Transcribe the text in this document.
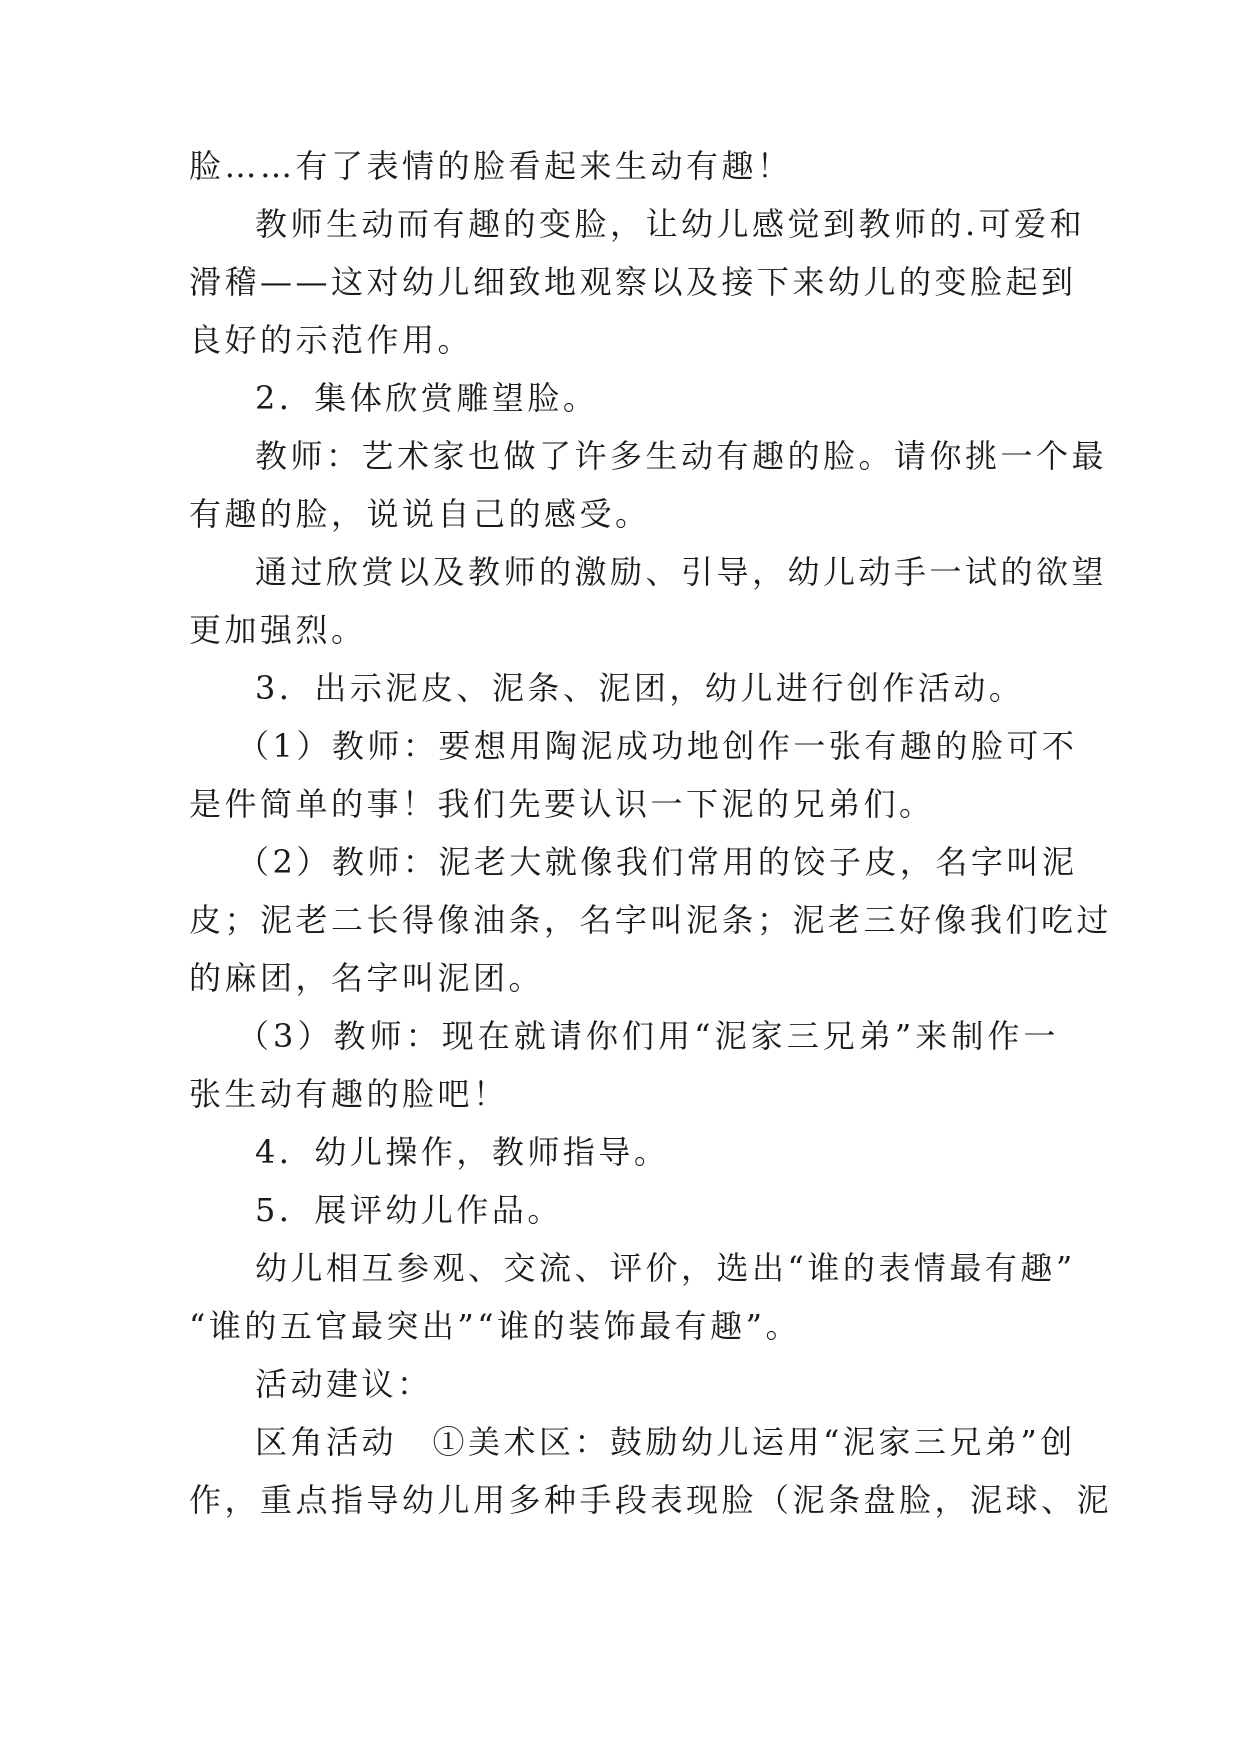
脸……有了表情的脸看起来生动有趣！
教师生动而有趣的变脸，让幼儿感觉到教师的.可爱和
滑稽——这对幼儿细致地观察以及接下来幼儿的变脸起到
良好的示范作用。
2．集体欣赏雕望脸。
教师：艺术家也做了许多生动有趣的脸。请你挑一个最
有趣的脸，说说自己的感受。
通过欣赏以及教师的激励、引导，幼儿动手一试的欲望
更加强烈。
3．出示泥皮、泥条、泥团，幼儿进行创作活动。
（1）教师：要想用陶泥成功地创作一张有趣的脸可不
是件简单的事！我们先要认识一下泥的兄弟们。
（2）教师：泥老大就像我们常用的饺子皮，名字叫泥
皮；泥老二长得像油条，名字叫泥条；泥老三好像我们吃过
的麻团，名字叫泥团。
（3）教师：现在就请你们用“泥家三兄弟”来制作一
张生动有趣的脸吧！
4．幼儿操作，教师指导。
5．展评幼儿作品。
幼儿相互参观、交流、评价，选出“谁的表情最有趣”
“谁的五官最突出”“谁的装饰最有趣”。
活动建议：
区角活动　①美术区：鼓励幼儿运用“泥家三兄弟”创
作，重点指导幼儿用多种手段表现脸（泥条盘脸，泥球、泥
